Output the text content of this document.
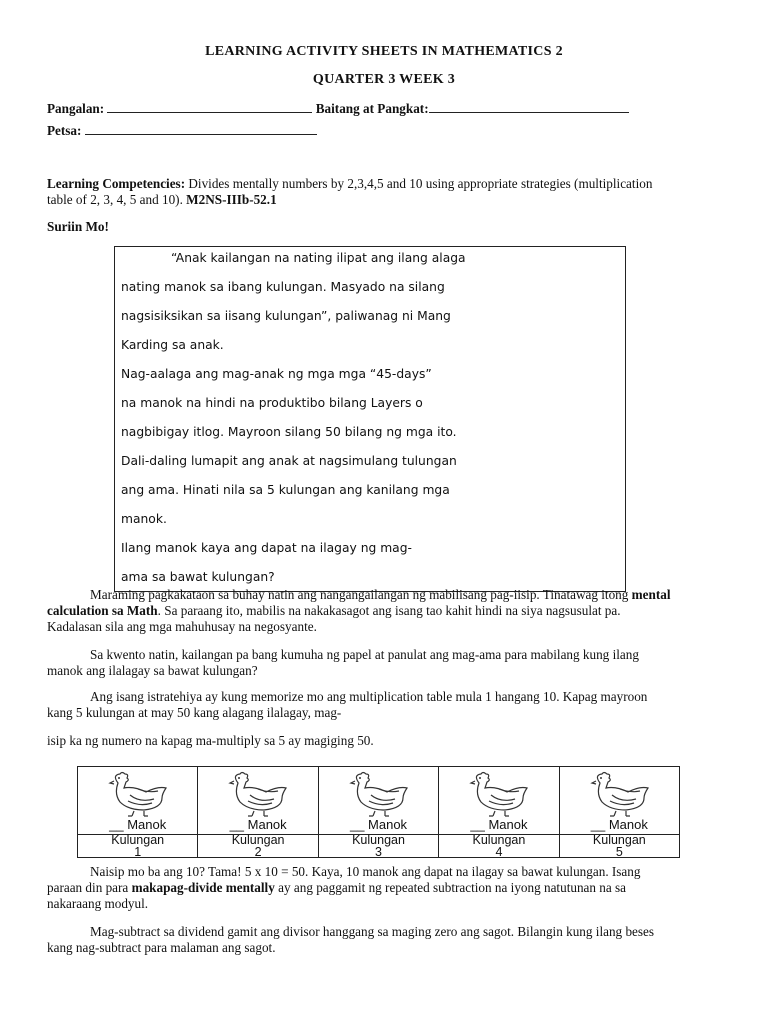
LEARNING ACTIVITY SHEETS IN MATHEMATICS 2
QUARTER 3 WEEK 3
Pangalan:	Baitang at Pangkat:
Petsa:
Learning Competencies: Divides mentally numbers by 2,3,4,5 and 10 using appropriate strategies (multiplication
table of 2, 3, 4, 5 and 10). M2NS-IIIb-52.1
Suriin Mo!
“Anak kailangan na nating ilipat ang ilang alaga
nating manok sa ibang kulungan. Masyado na silang
nagsisiksikan sa iisang kulungan”, paliwanag ni Mang
Karding sa anak.
Nag-aalaga ang mag-anak ng mga mga “45-days”
na manok na hindi na produktibo bilang Layers o
nagbibigay itlog. Mayroon silang 50 bilang ng mga ito.
Dali-daling lumapit ang anak at nagsimulang tulungan
ang ama. Hinati nila sa 5 kulungan ang kanilang mga
manok.
Ilang manok kaya ang dapat na ilagay ng mag-
ama sa bawat kulungan?
Maraming pagkakataon sa buhay natin ang nangangailangan ng mabilisang pag-iisip. Tinatawag itong mental
calculation sa Math. Sa paraang ito, mabilis na nakakasagot ang isang tao kahit hindi na siya nagsusulat pa.
Kadalasan sila ang mga mahuhusay na negosyante.
Sa kwento natin, kailangan pa bang kumuha ng papel at panulat ang mag-ama para mabilang kung ilang
manok ang ilalagay sa bawat kulungan?
Ang isang istratehiya ay kung memorize mo ang multiplication table mula 1 hangang 10. Kapag mayroon
kang 5 kulungan at may 50 kang alagang ilalagay, mag-
isip ka ng numero na kapag ma-multiply sa 5 ay magiging 50.
__ Manok
Kulungan
1
__ Manok
Kulungan
2
__ Manok
Kulungan
3
__ Manok
Kulungan
4
__ Manok
Kulungan
5
Naisip mo ba ang 10? Tama! 5 x 10 = 50. Kaya, 10 manok ang dapat na ilagay sa bawat kulungan. Isang
paraan din para makapag-divide mentally ay ang paggamit ng repeated subtraction na iyong natutunan na sa
nakaraang modyul.
Mag-subtract sa dividend gamit ang divisor hanggang sa maging zero ang sagot. Bilangin kung ilang beses
kang nag-subtract para malaman ang sagot.
